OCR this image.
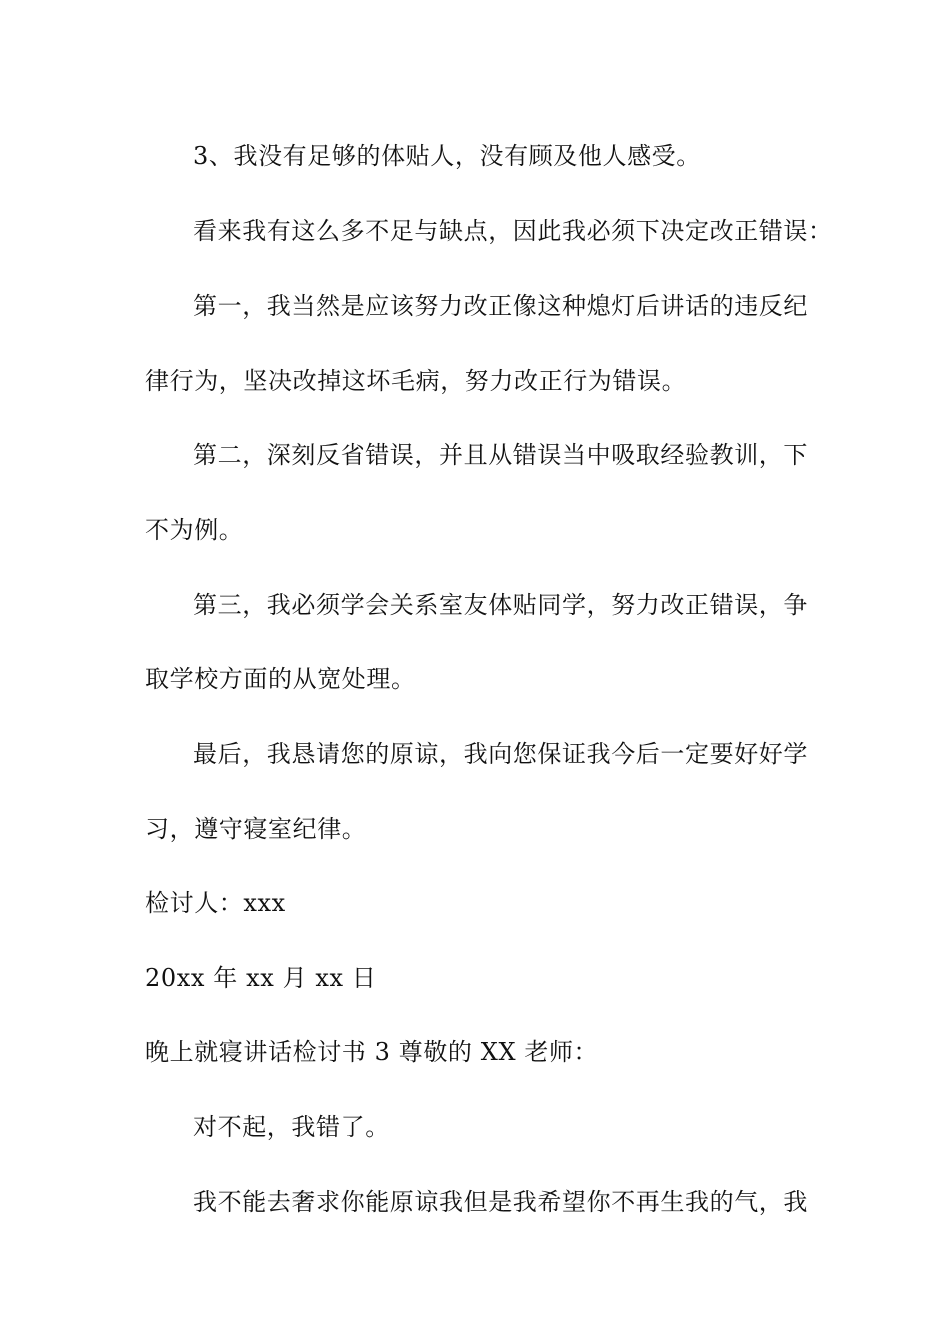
3、我没有足够的体贴人，没有顾及他人感受。
看来我有这么多不足与缺点，因此我必须下决定改正错误：
第一，我当然是应该努力改正像这种熄灯后讲话的违反纪
律行为，坚决改掉这坏毛病，努力改正行为错误。
第二，深刻反省错误，并且从错误当中吸取经验教训，下
不为例。
第三，我必须学会关系室友体贴同学，努力改正错误，争
取学校方面的从宽处理。
最后，我恳请您的原谅，我向您保证我今后一定要好好学
习，遵守寝室纪律。
检讨人：xxx
20xx 年 xx 月 xx 日
晚上就寝讲话检讨书 3 尊敬的 XX 老师：
对不起，我错了。
我不能去奢求你能原谅我但是我希望你不再生我的气，我
